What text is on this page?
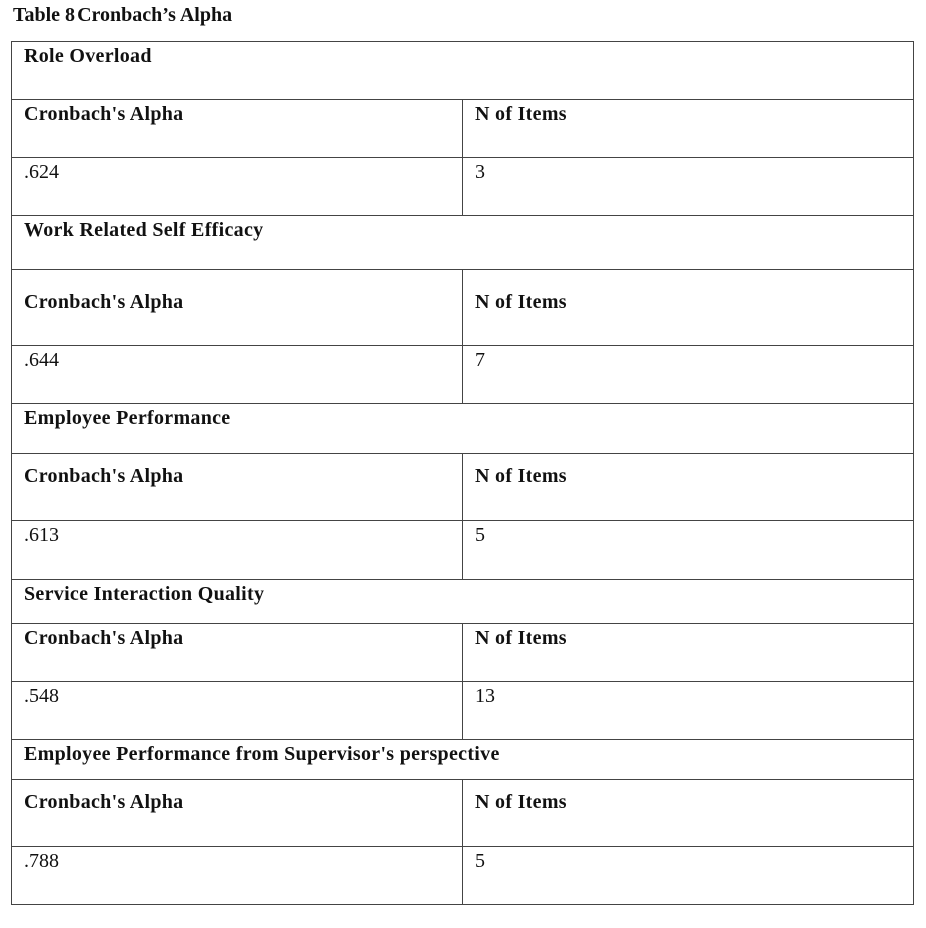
Table 8 Cronbach’s Alpha
Role Overload	
Cronbach's Alpha	N of Items
.624	3
Work Related Self Efficacy	
Cronbach's Alpha	N of Items
.644	7
Employee Performance	
Cronbach's Alpha	N of Items
.613	5
Service Interaction Quality	
Cronbach's Alpha	N of Items
.548	13
Employee Performance from Supervisor's perspective	
Cronbach's Alpha	N of Items
.788	5
